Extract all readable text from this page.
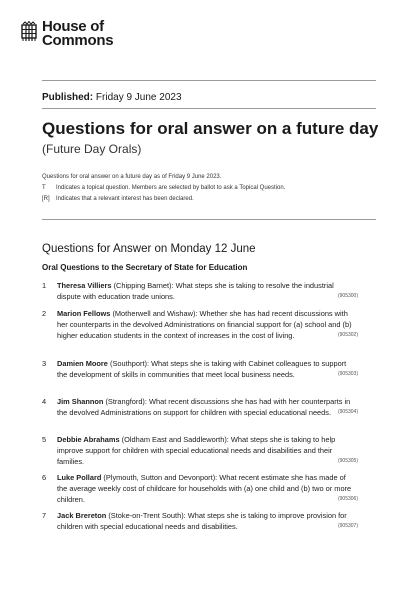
House of
Commons
Published: Friday 9 June 2023
Questions for oral answer on a future day
(Future Day Orals)
Questions for oral answer on a future day as of Friday 9 June 2023.
T	Indicates a topical question. Members are selected by ballot to ask a Topical Question.
[R]	Indicates that a relevant interest has been declared.
Questions for Answer on Monday 12 June
Oral Questions to the Secretary of State for Education
1 Theresa Villiers (Chipping Barnet): What steps she is taking to resolve the industrial dispute with education trade unions.	(905300)
2 Marion Fellows (Motherwell and Wishaw): Whether she has had recent discussions with her counterparts in the devolved Administrations on financial support for (a) school and (b) higher education students in the context of increases in the cost of living.	(905302)
3 Damien Moore (Southport): What steps she is taking with Cabinet colleagues to support the development of skills in communities that meet local business needs.	(905303)
4 Jim Shannon (Strangford): What recent discussions she has had with her counterparts in the devolved Administrations on support for children with special educational needs.	(905304)
5 Debbie Abrahams (Oldham East and Saddleworth): What steps she is taking to help improve support for children with special educational needs and disabilities and their families.	(905305)
6 Luke Pollard (Plymouth, Sutton and Devonport): What recent estimate she has made of the average weekly cost of childcare for households with (a) one child and (b) two or more children.	(905306)
7 Jack Brereton (Stoke-on-Trent South): What steps she is taking to improve provision for children with special educational needs and disabilities.	(905307)
